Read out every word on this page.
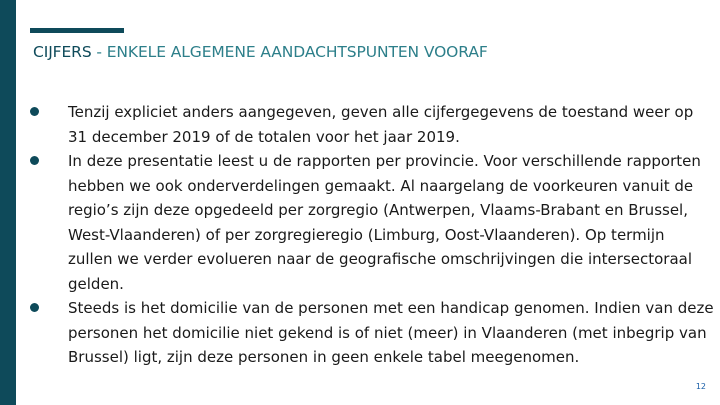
CIJFERS - ENKELE ALGEMENE AANDACHTSPUNTEN VOORAF
Tenzij expliciet anders aangegeven, geven alle cijfergegevens de toestand weer op
31 december 2019 of de totalen voor het jaar 2019.
In deze presentatie leest u de rapporten per provincie. Voor verschillende rapporten
hebben we ook onderverdelingen gemaakt. Al naargelang de voorkeuren vanuit de
regio’s zijn deze opgedeeld per zorgregio (Antwerpen, Vlaams-Brabant en Brussel,
West-Vlaanderen) of per zorgregieregio (Limburg, Oost-Vlaanderen). Op termijn
zullen we verder evolueren naar de geografische omschrijvingen die intersectoraal
gelden.
Steeds is het domicilie van de personen met een handicap genomen. Indien van deze
personen het domicilie niet gekend is of niet (meer) in Vlaanderen (met inbegrip van
Brussel) ligt, zijn deze personen in geen enkele tabel meegenomen.
12
